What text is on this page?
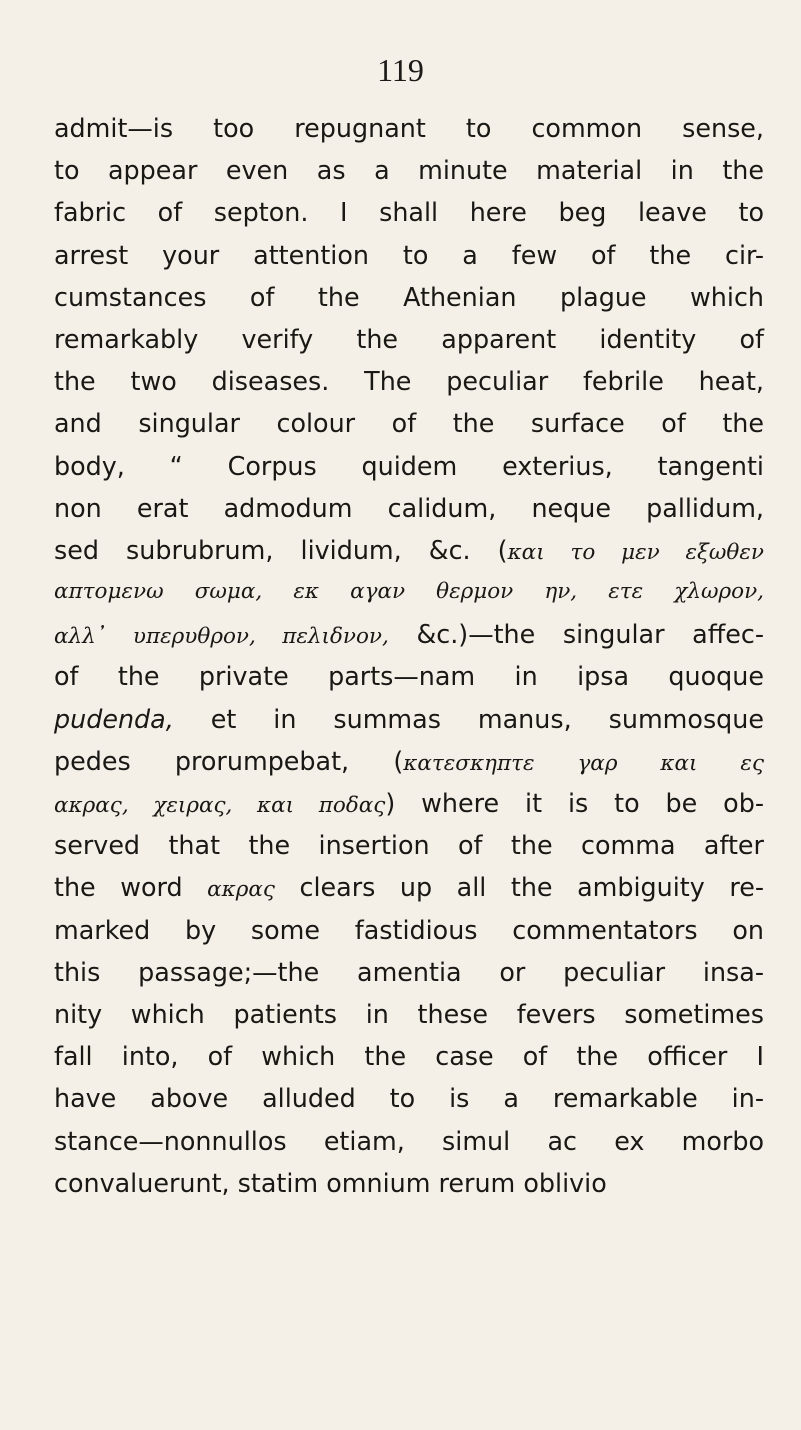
119

admit—is too repugnant to common sense,
to appear even as a minute material in the
fabric of septon. I shall here beg leave to
arrest your attention to a few of the cir-
cumstances of the Athenian plague which
remarkably verify the apparent identity of
the two diseases. The peculiar febrile heat,
and singular colour of the surface of the
body, “ Corpus quidem exterius, tangenti
non erat admodum calidum, neque pallidum,
sed subrubrum, lividum, &c. (και το μεν εξωθεν
απτομενω σωμα, εκ αγαν θερμον ην, ετε χλωρον,
αλλ᾽ υπερυθρον, πελιδνον, &c.)—the singular affec-
of the private parts—nam in ipsa quoque
pudenda, et in summas manus, summosque
pedes prorumpebat, (κατεσκηπτε γαρ και ες
ακρας, χειρας, και ποδας) where it is to be ob-
served that the insertion of the comma after
the word ακρας clears up all the ambiguity re-
marked by some fastidious commentators on
this passage;—the amentia or peculiar insa-
nity which patients in these fevers sometimes
fall into, of which the case of the officer I
have above alluded to is a remarkable in-
stance—nonnullos etiam, simul ac ex morbo
convaluerunt, statim omnium rerum oblivio
